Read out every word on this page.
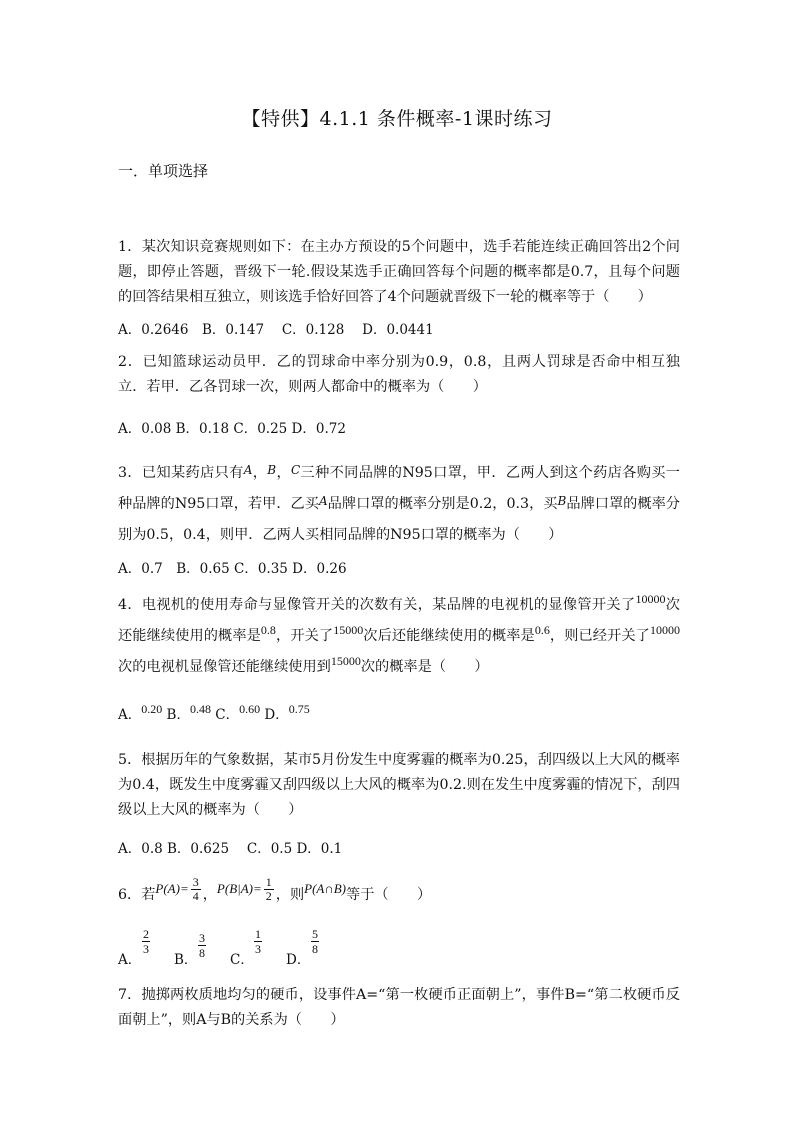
【特供】4.1.1 条件概率-1课时练习
一．单项选择
1．某次知识竞赛规则如下：在主办方预设的5个问题中，选手若能连续正确回答出2个问题，即停止答题，晋级下一轮.假设某选手正确回答每个问题的概率都是0.7，且每个问题的回答结果相互独立，则该选手恰好回答了4个问题就晋级下一轮的概率等于（　　）
A．0.2646　B．0.147　 C．0.128　 D．0.0441
2．已知篮球运动员甲．乙的罚球命中率分别为0.9，0.8，且两人罚球是否命中相互独立．若甲．乙各罚球一次，则两人都命中的概率为（　　）
A．0.08 B．0.18 C．0.25 D．0.72
3．已知某药店只有$^A$，$^B$，$^C$三种不同品牌的N95口罩，甲．乙两人到这个药店各购买一种品牌的N95口罩，若甲．乙买$^A$品牌口罩的概率分别是0.2，0.3，买$^B$品牌口罩的概率分别为0.5，0.4，则甲．乙两人买相同品牌的N95口罩的概率为（　　）
A．0.7　B．0.65 C．0.35 D．0.26
4．电视机的使用寿命与显像管开关的次数有关，某品牌的电视机的显像管开关了$^{10000}$次还能继续使用的概率是$^{0.8}$，开关了$^{15000}$次后还能继续使用的概率是$^{0.6}$，则已经开关了$^{10000}$次的电视机显像管还能继续使用到$^{15000}$次的概率是（　　）
A．0.20 B．0.48 C．0.60 D．0.75
5．根据历年的气象数据，某市5月份发生中度雾霾的概率为0.25，刮四级以上大风的概率为0.4，既发生中度雾霾又刮四级以上大风的概率为0.2.则在发生中度雾霾的情况下，刮四级以上大风的概率为（　　）
A．0.8 B．0.625　 C．0.5 D．0.1
6．若$P(A)= \frac{3}{4}$ ，$P(B|A)= \frac{1}{2}$ ，则P(A∩B)等于（　　）
A．
$\frac{2}{3}$
B． $\frac{3}{8}$ C．
$\frac{1}{3}$
D．
$\frac{5}{8}$
7．抛掷两枚质地均匀的硬币，设事件A=“第一枚硬币正面朝上”，事件B=“第二枚硬币反面朝上”，则A与B的关系为（　　）
